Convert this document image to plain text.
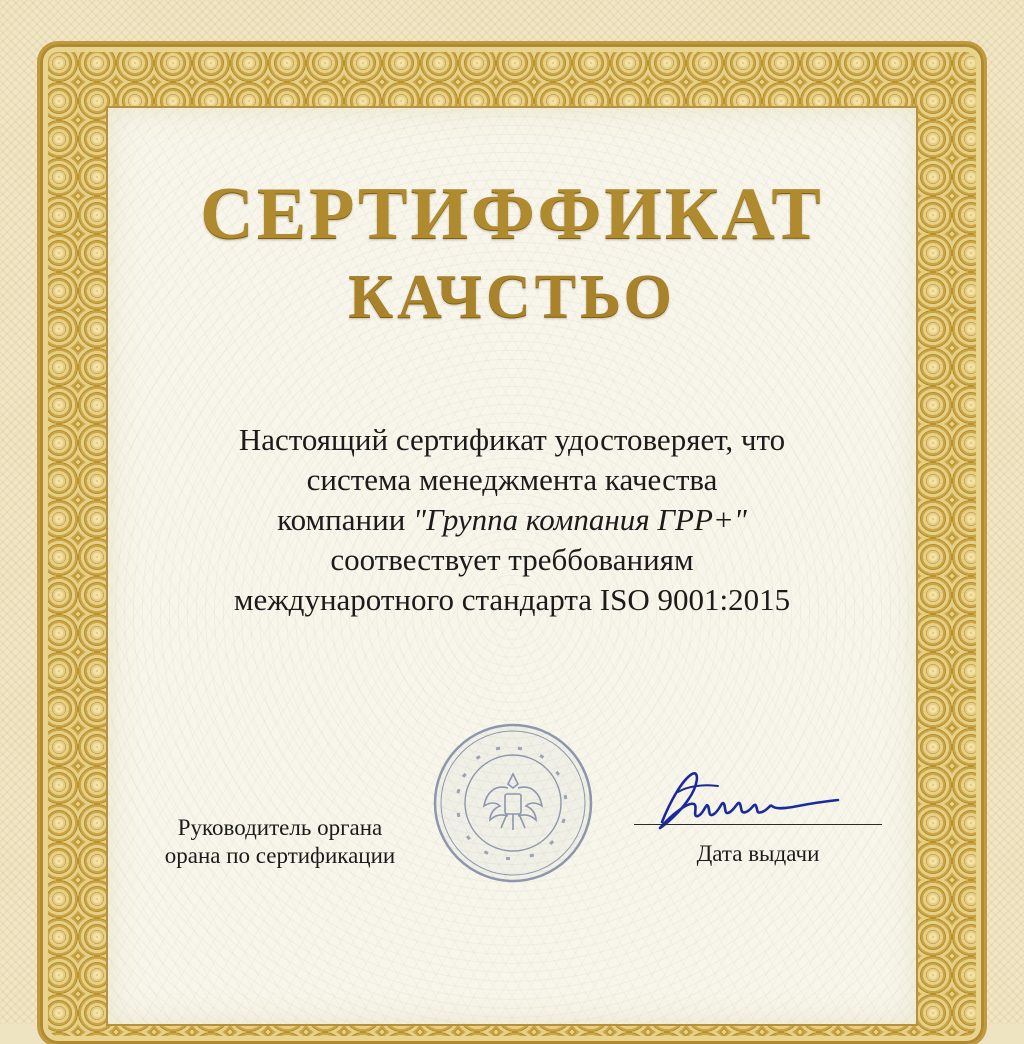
СЕРТИФФИКАТ
КАЧСТЬО
Настоящий сертификат удостоверяет, что
система менеджмента качества
компании "Группа компания ГРР+"
соотвествует треббованиям
междунаротного стандарта ISO 9001:2015
Руководитель органа
орана по сертификации	Дата выдачи
